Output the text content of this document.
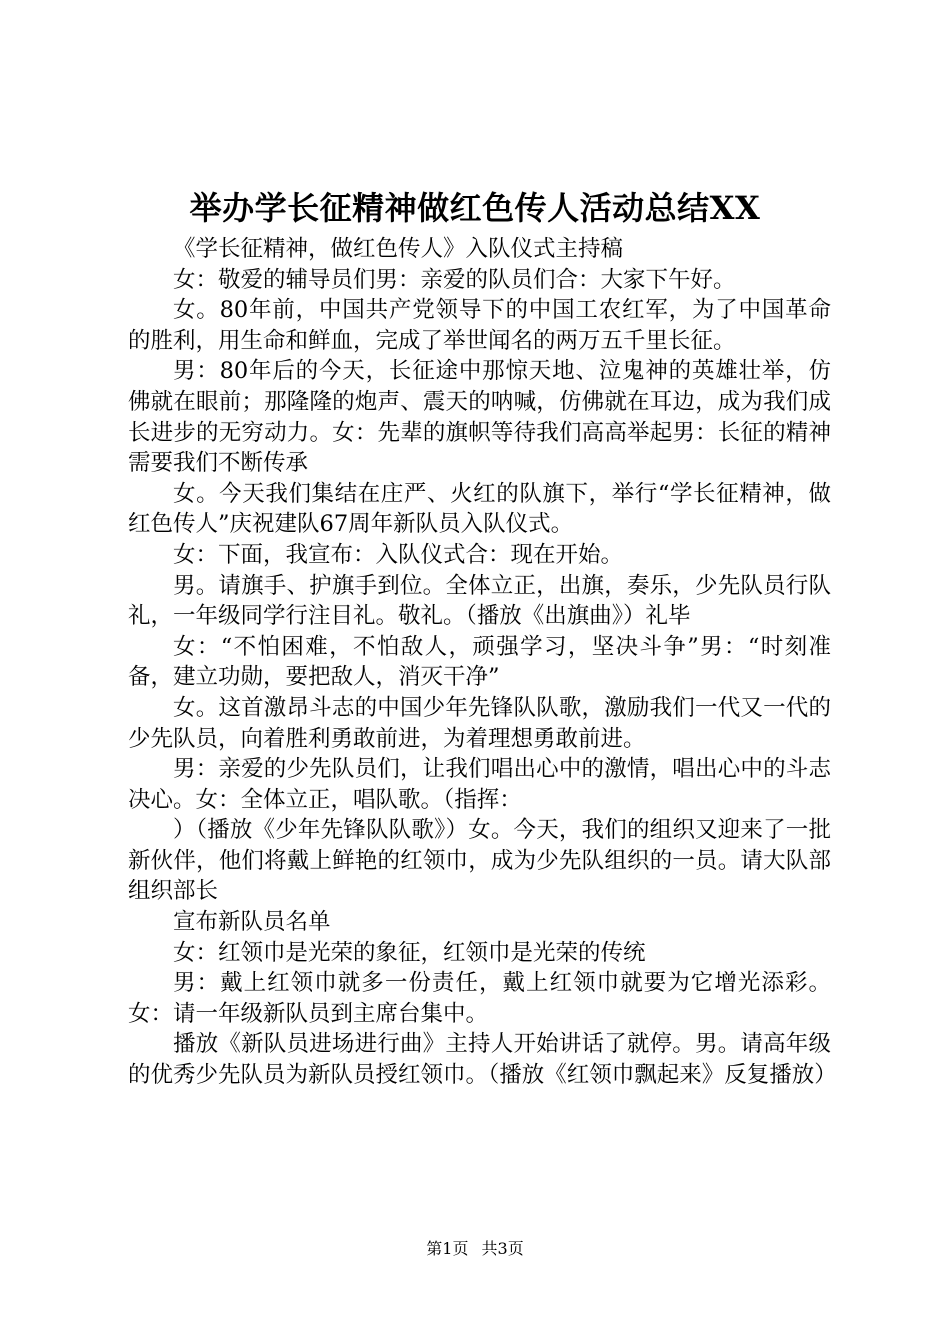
举办学长征精神做红色传人活动总结XX

《学长征精神，做红色传人》入队仪式主持稿

女：敬爱的辅导员们男：亲爱的队员们合：大家下午好。

女。80年前，中国共产党领导下的中国工农红军，为了中国革命的胜利，用生命和鲜血，完成了举世闻名的两万五千里长征。

男：80年后的今天，长征途中那惊天地、泣鬼神的英雄壮举，仿佛就在眼前；那隆隆的炮声、震天的呐喊，仿佛就在耳边，成为我们成长进步的无穷动力。女：先辈的旗帜等待我们高高举起男：长征的精神需要我们不断传承

女。今天我们集结在庄严、火红的队旗下，举行“学长征精神，做红色传人”庆祝建队67周年新队员入队仪式。

女：下面，我宣布：入队仪式合：现在开始。

男。请旗手、护旗手到位。全体立正，出旗，奏乐，少先队员行队礼，一年级同学行注目礼。敬礼。（播放《出旗曲》）礼毕

女：“不怕困难，不怕敌人，顽强学习，坚决斗争”男：“时刻准备，建立功勋，要把敌人，消灭干净”

女。这首激昂斗志的中国少年先锋队队歌，激励我们一代又一代的少先队员，向着胜利勇敢前进，为着理想勇敢前进。

男：亲爱的少先队员们，让我们唱出心中的激情，唱出心中的斗志决心。女：全体立正，唱队歌。（指挥：

）（播放《少年先锋队队歌》）女。今天，我们的组织又迎来了一批新伙伴，他们将戴上鲜艳的红领巾，成为少先队组织的一员。请大队部组织部长

宣布新队员名单

女：红领巾是光荣的象征，红领巾是光荣的传统

男：戴上红领巾就多一份责任，戴上红领巾就要为它增光添彩。女：请一年级新队员到主席台集中。

播放《新队员进场进行曲》主持人开始讲话了就停。男。请高年级的优秀少先队员为新队员授红领巾。（播放《红领巾飘起来》反复播放）

第1页 共3页
